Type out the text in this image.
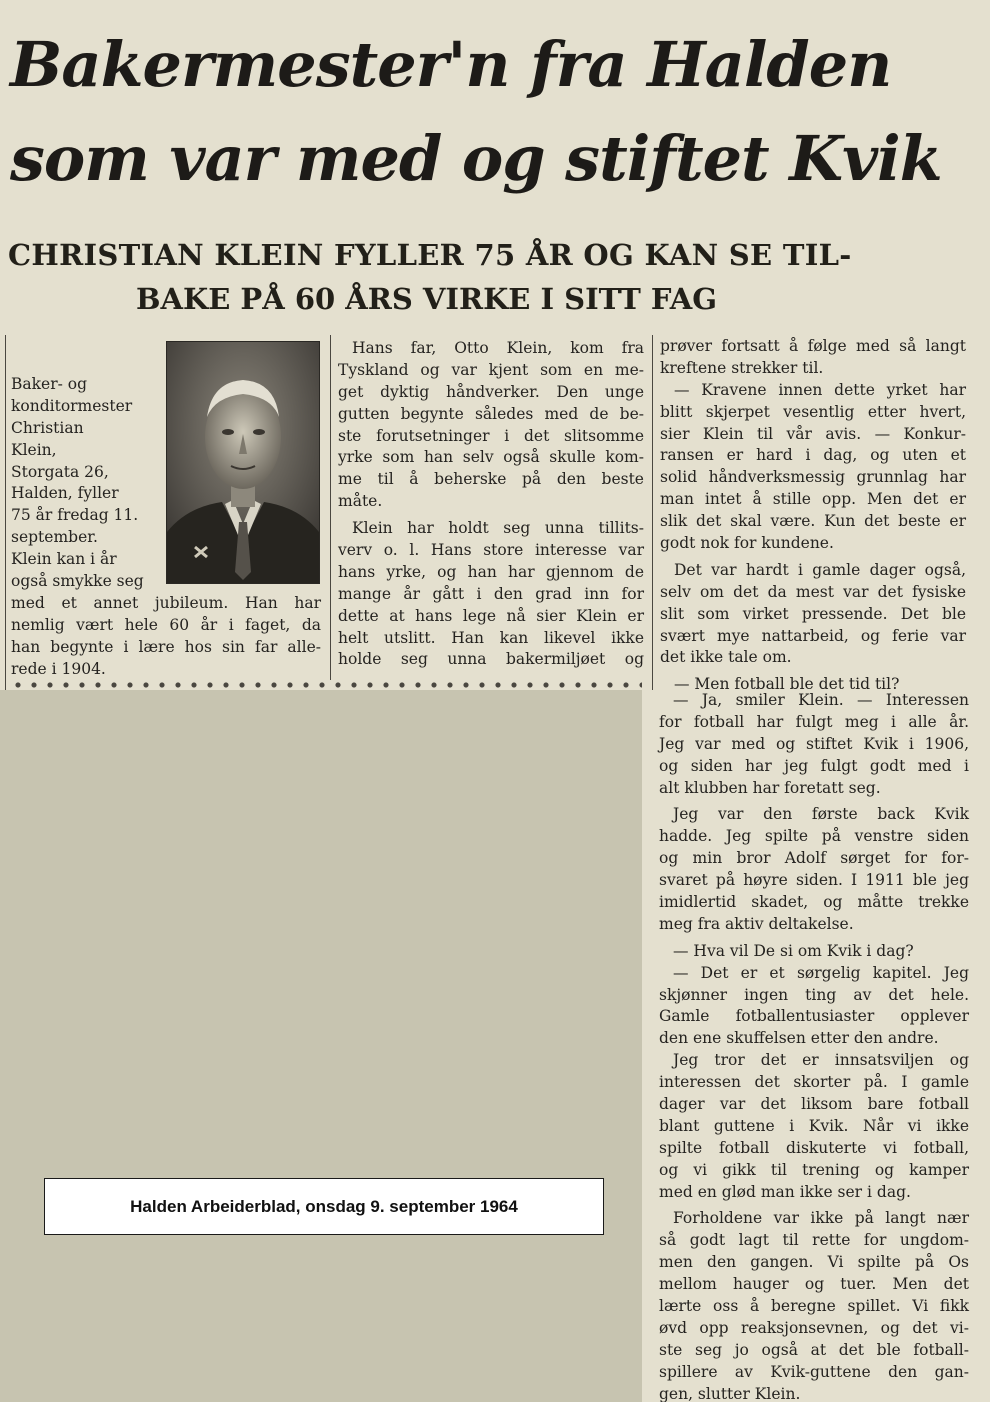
Bakermester'n fra Halden
som var med og stiftet Kvik
CHRISTIAN KLEIN FYLLER 75 ÅR OG KAN SE TIL-
BAKE PÅ 60 ÅRS VIRKE I SITT FAG
Baker- og
konditormester
Christian
Klein,
Storgata 26,
Halden, fyller
75 år fredag 11.
september.
Klein kan i år
også smykke seg
med et annet jubileum. Han har
nemlig vært hele 60 år i faget, da
han begynte i lære hos sin far alle-
rede i 1904.
Hans far, Otto Klein, kom fra
Tyskland og var kjent som en me-
get dyktig håndverker. Den unge
gutten begynte således med de be-
ste forutsetninger i det slitsomme
yrke som han selv også skulle kom-
me til å beherske på den beste
måte.
Klein har holdt seg unna tillits-
verv o. l. Hans store interesse var
hans yrke, og han har gjennom de
mange år gått i den grad inn for
dette at hans lege nå sier Klein er
helt utslitt. Han kan likevel ikke
holde seg unna bakermiljøet og
prøver fortsatt å følge med så langt
kreftene strekker til.
— Kravene innen dette yrket har
blitt skjerpet vesentlig etter hvert,
sier Klein til vår avis. — Konkur-
ransen er hard i dag, og uten et
solid håndverksmessig grunnlag har
man intet å stille opp. Men det er
slik det skal være. Kun det beste er
godt nok for kundene.
Det var hardt i gamle dager også,
selv om det da mest var det fysiske
slit som virket pressende. Det ble
svært mye nattarbeid, og ferie var
det ikke tale om.
— Men fotball ble det tid til?
— Ja, smiler Klein. — Interessen
for fotball har fulgt meg i alle år.
Jeg var med og stiftet Kvik i 1906,
og siden har jeg fulgt godt med i
alt klubben har foretatt seg.
Jeg var den første back Kvik
hadde. Jeg spilte på venstre siden
og min bror Adolf sørget for for-
svaret på høyre siden. I 1911 ble jeg
imidlertid skadet, og måtte trekke
meg fra aktiv deltakelse.
— Hva vil De si om Kvik i dag?
— Det er et sørgelig kapitel. Jeg
skjønner ingen ting av det hele.
Gamle fotballentusiaster opplever
den ene skuffelsen etter den andre.
Jeg tror det er innsatsviljen og
interessen det skorter på. I gamle
dager var det liksom bare fotball
blant guttene i Kvik. Når vi ikke
spilte fotball diskuterte vi fotball,
og vi gikk til trening og kamper
med en glød man ikke ser i dag.
Forholdene var ikke på langt nær
så godt lagt til rette for ungdom-
men den gangen. Vi spilte på Os
mellom hauger og tuer. Men det
lærte oss å beregne spillet. Vi fikk
øvd opp reaksjonsevnen, og det vi-
ste seg jo også at det ble fotball-
spillere av Kvik-guttene den gan-
gen, slutter Klein.
Halden Arbeiderblad, onsdag 9. september 1964
